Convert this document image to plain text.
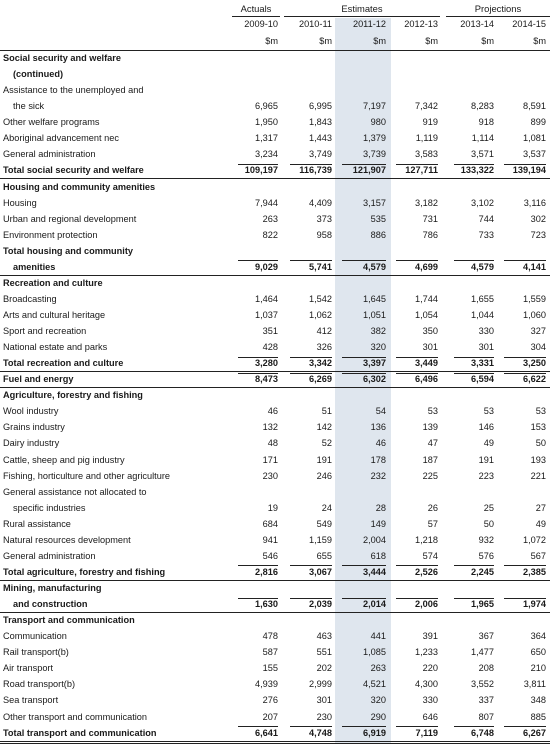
Actuals	Estimates	Projections
2009-10	2010-11	2011-12	2012-13	2013-14	2014-15
$m	$m	$m	$m	$m	$m
Social security and welfare
(continued)
Assistance to the unemployed and
the sick	6,965	6,995	7,197	7,342	8,283	8,591
Other welfare programs	1,950	1,843	980	919	918	899
Aboriginal advancement nec	1,317	1,443	1,379	1,119	1,114	1,081
General administration	3,234	3,749	3,739	3,583	3,571	3,537
Total social security and welfare	109,197	116,739	121,907	127,711	133,322	139,194
Housing and community amenities
Housing	7,944	4,409	3,157	3,182	3,102	3,116
Urban and regional development	263	373	535	731	744	302
Environment protection	822	958	886	786	733	723
Total housing and community
amenities	9,029	5,741	4,579	4,699	4,579	4,141
Recreation and culture
Broadcasting	1,464	1,542	1,645	1,744	1,655	1,559
Arts and cultural heritage	1,037	1,062	1,051	1,054	1,044	1,060
Sport and recreation	351	412	382	350	330	327
National estate and parks	428	326	320	301	301	304
Total recreation and culture	3,280	3,342	3,397	3,449	3,331	3,250
Fuel and energy	8,473	6,269	6,302	6,496	6,594	6,622
Agriculture, forestry and fishing
Wool industry	46	51	54	53	53	53
Grains industry	132	142	136	139	146	153
Dairy industry	48	52	46	47	49	50
Cattle, sheep and pig industry	171	191	178	187	191	193
Fishing, horticulture and other agriculture	230	246	232	225	223	221
General assistance not allocated to
specific industries	19	24	28	26	25	27
Rural assistance	684	549	149	57	50	49
Natural resources development	941	1,159	2,004	1,218	932	1,072
General administration	546	655	618	574	576	567
Total agriculture, forestry and fishing	2,816	3,067	3,444	2,526	2,245	2,385
Mining, manufacturing
and construction	1,630	2,039	2,014	2,006	1,965	1,974
Transport and communication
Communication	478	463	441	391	367	364
Rail transport(b)	587	551	1,085	1,233	1,477	650
Air transport	155	202	263	220	208	210
Road transport(b)	4,939	2,999	4,521	4,300	3,552	3,811
Sea transport	276	301	320	330	337	348
Other transport and communication	207	230	290	646	807	885
Total transport and communication	6,641	4,748	6,919	7,119	6,748	6,267
